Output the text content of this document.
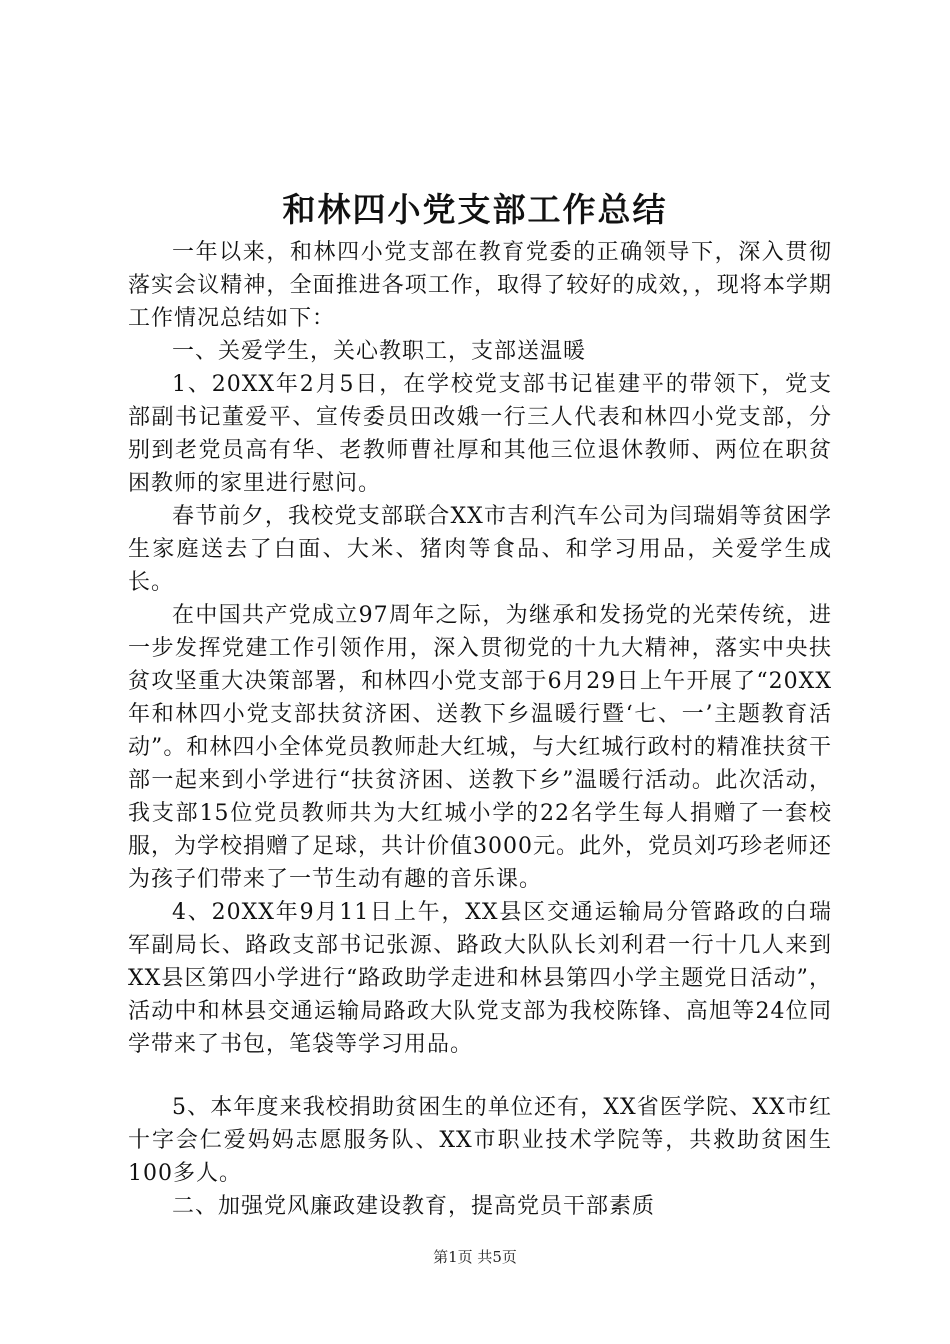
和林四小党支部工作总结

一年以来，和林四小党支部在教育党委的正确领导下，深入贯彻落实会议精神，全面推进各项工作，取得了较好的成效，，现将本学期工作情况总结如下：

一、关爱学生，关心教职工，支部送温暖

1、20XX年2月5日，在学校党支部书记崔建平的带领下，党支部副书记董爱平、宣传委员田改娥一行三人代表和林四小党支部，分别到老党员高有华、老教师曹社厚和其他三位退休教师、两位在职贫困教师的家里进行慰问。

春节前夕，我校党支部联合XX市吉利汽车公司为闫瑞娟等贫困学生家庭送去了白面、大米、猪肉等食品、和学习用品，关爱学生成长。

在中国共产党成立97周年之际，为继承和发扬党的光荣传统，进一步发挥党建工作引领作用，深入贯彻党的十九大精神，落实中央扶贫攻坚重大决策部署，和林四小党支部于6月29日上午开展了“20XX年和林四小党支部扶贫济困、送教下乡温暖行暨‘七、一’主题教育活动”。和林四小全体党员教师赴大红城，与大红城行政村的精准扶贫干部一起来到小学进行“扶贫济困、送教下乡”温暖行活动。此次活动，我支部15位党员教师共为大红城小学的22名学生每人捐赠了一套校服，为学校捐赠了足球，共计价值3000元。此外，党员刘巧珍老师还为孩子们带来了一节生动有趣的音乐课。

4、20XX年9月11日上午，XX县区交通运输局分管路政的白瑞军副局长、路政支部书记张源、路政大队队长刘利君一行十几人来到XX县区第四小学进行“路政助学走进和林县第四小学主题党日活动”，活动中和林县交通运输局路政大队党支部为我校陈锋、高旭等24位同学带来了书包，笔袋等学习用品。

5、本年度来我校捐助贫困生的单位还有，XX省医学院、XX市红十字会仁爱妈妈志愿服务队、XX市职业技术学院等，共救助贫困生100多人。

二、加强党风廉政建设教育，提高党员干部素质

第1页 共5页
